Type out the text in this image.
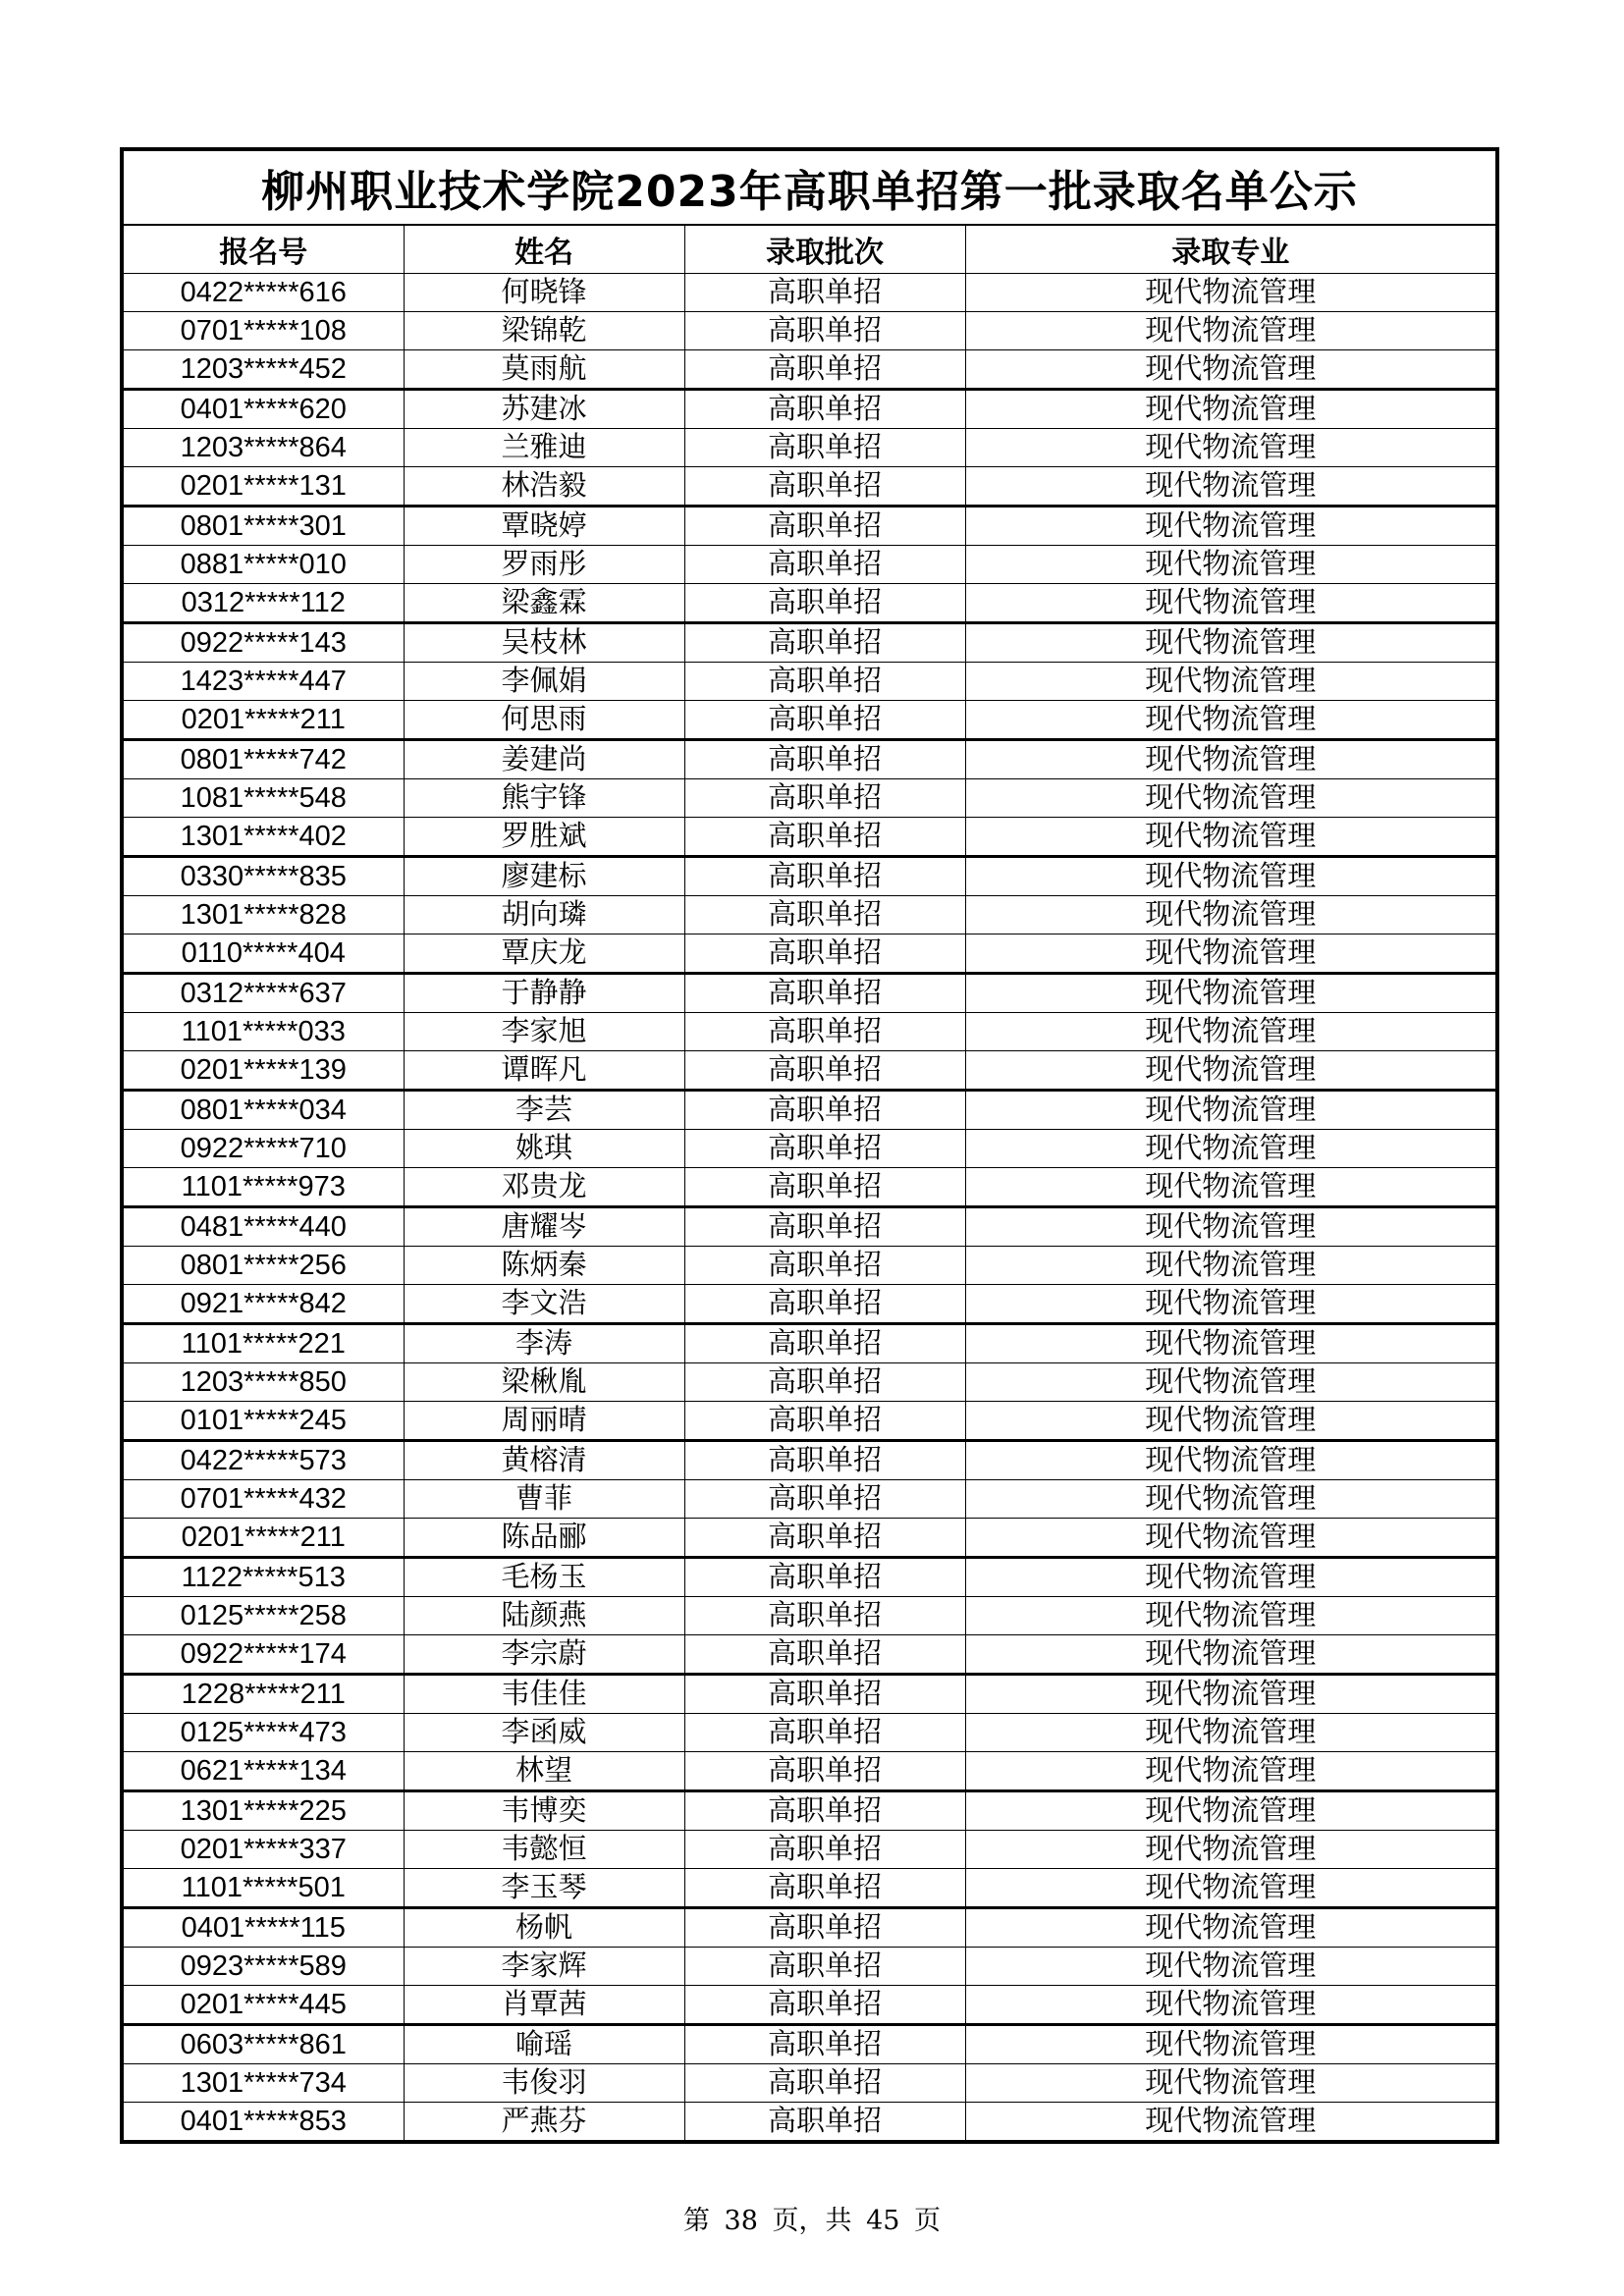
柳州职业技术学院2023年高职单招第一批录取名单公示
报名号	姓名	录取批次	录取专业
0422*****616	何晓锋	高职单招	现代物流管理
0701*****108	梁锦乾	高职单招	现代物流管理
1203*****452	莫雨航	高职单招	现代物流管理
0401*****620	苏建冰	高职单招	现代物流管理
1203*****864	兰雅迪	高职单招	现代物流管理
0201*****131	林浩毅	高职单招	现代物流管理
0801*****301	覃晓婷	高职单招	现代物流管理
0881*****010	罗雨彤	高职单招	现代物流管理
0312*****112	梁鑫霖	高职单招	现代物流管理
0922*****143	吴枝林	高职单招	现代物流管理
1423*****447	李佩娟	高职单招	现代物流管理
0201*****211	何思雨	高职单招	现代物流管理
0801*****742	姜建尚	高职单招	现代物流管理
1081*****548	熊宇锋	高职单招	现代物流管理
1301*****402	罗胜斌	高职单招	现代物流管理
0330*****835	廖建标	高职单招	现代物流管理
1301*****828	胡向璘	高职单招	现代物流管理
0110*****404	覃庆龙	高职单招	现代物流管理
0312*****637	于静静	高职单招	现代物流管理
1101*****033	李家旭	高职单招	现代物流管理
0201*****139	谭晖凡	高职单招	现代物流管理
0801*****034	李芸	高职单招	现代物流管理
0922*****710	姚琪	高职单招	现代物流管理
1101*****973	邓贵龙	高职单招	现代物流管理
0481*****440	唐耀岑	高职单招	现代物流管理
0801*****256	陈炳秦	高职单招	现代物流管理
0921*****842	李文浩	高职单招	现代物流管理
1101*****221	李涛	高职单招	现代物流管理
1203*****850	梁楸胤	高职单招	现代物流管理
0101*****245	周丽晴	高职单招	现代物流管理
0422*****573	黄榕清	高职单招	现代物流管理
0701*****432	曹菲	高职单招	现代物流管理
0201*****211	陈品郦	高职单招	现代物流管理
1122*****513	毛杨玉	高职单招	现代物流管理
0125*****258	陆颜燕	高职单招	现代物流管理
0922*****174	李宗蔚	高职单招	现代物流管理
1228*****211	韦佳佳	高职单招	现代物流管理
0125*****473	李函威	高职单招	现代物流管理
0621*****134	林望	高职单招	现代物流管理
1301*****225	韦博奕	高职单招	现代物流管理
0201*****337	韦懿恒	高职单招	现代物流管理
1101*****501	李玉琴	高职单招	现代物流管理
0401*****115	杨帆	高职单招	现代物流管理
0923*****589	李家辉	高职单招	现代物流管理
0201*****445	肖覃茜	高职单招	现代物流管理
0603*****861	喻瑶	高职单招	现代物流管理
1301*****734	韦俊羽	高职单招	现代物流管理
0401*****853	严燕芬	高职单招	现代物流管理
第 38 页，共 45 页
